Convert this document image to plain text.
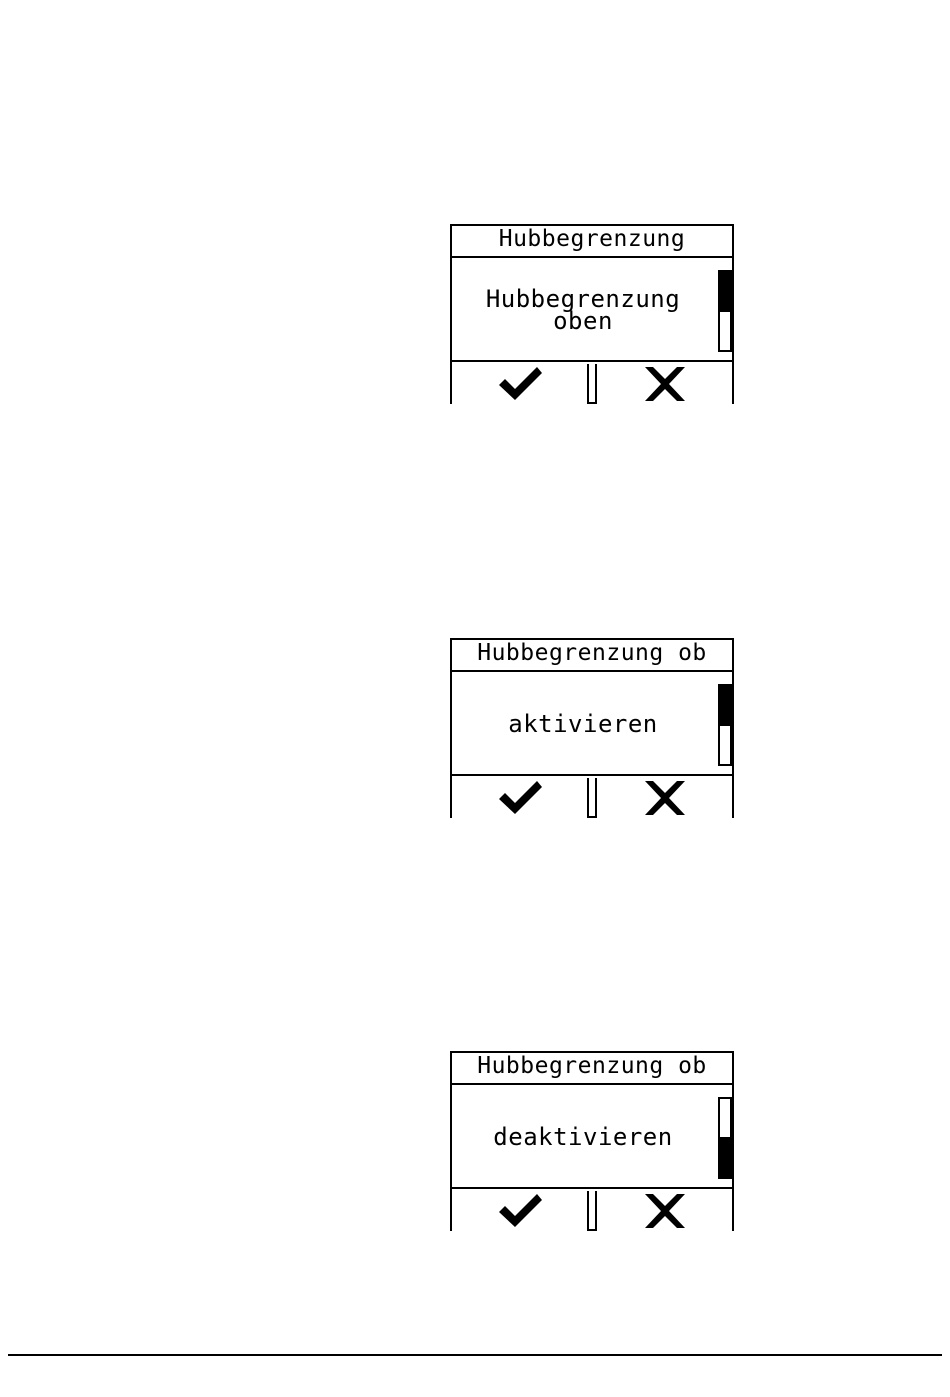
Hubbegrenzung
Hubbegrenzung
oben
Hubbegrenzung ob
aktivieren
Hubbegrenzung ob
deaktivieren
